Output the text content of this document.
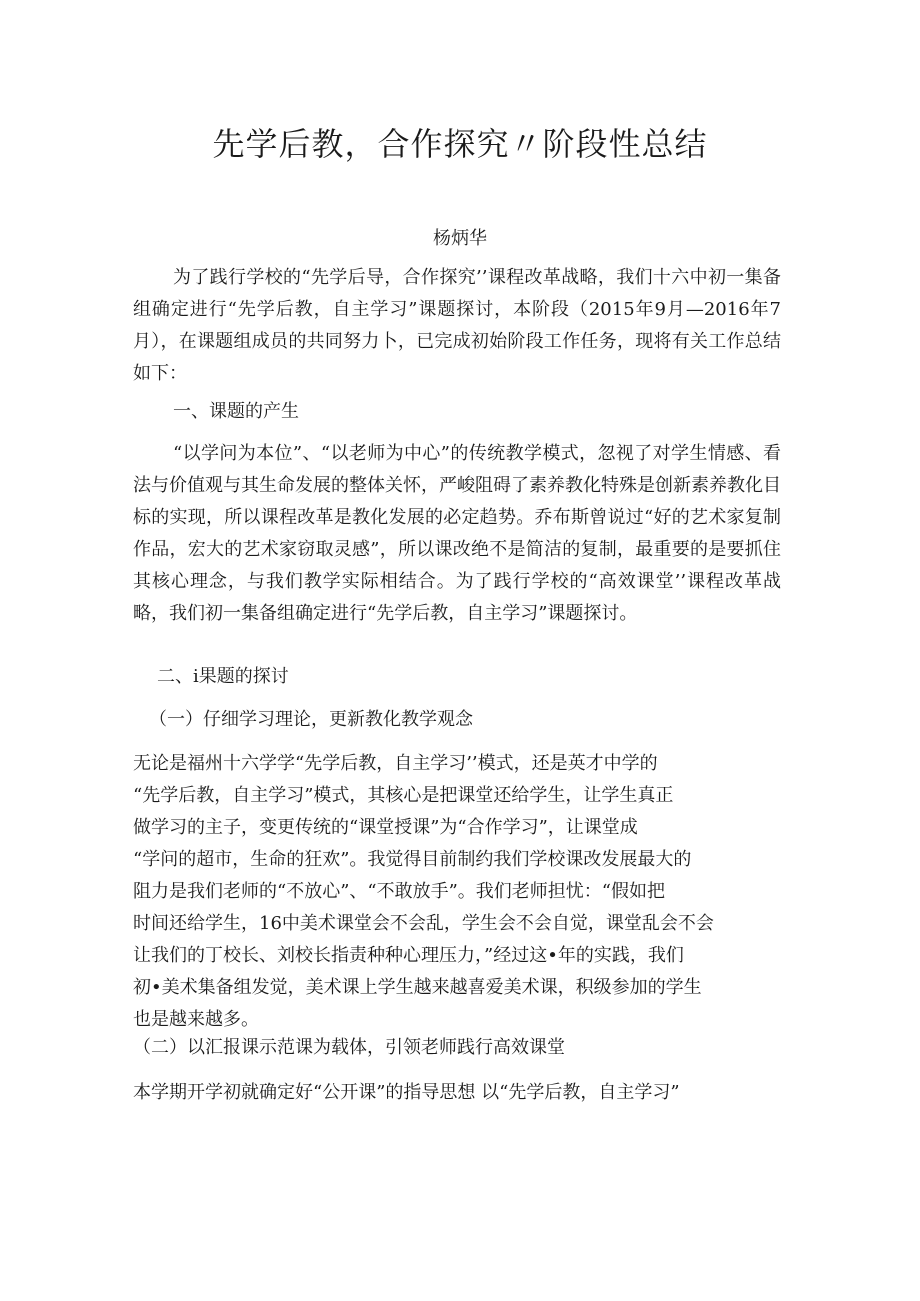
先学后教，合作探究〃阶段性总结
杨炳华

为了践行学校的“先学后导，合作探究’’课程改革战略，我们十六中初一集备组确定进行“先学后教，自主学习”课题探讨，本阶段（2015年9月—2016年7月），在课题组成员的共同努力卜，已完成初始阶段工作任务，现将有关工作总结如下：

一、课题的产生

“以学问为本位”、“以老师为中心”的传统教学模式，忽视了对学生情感、看法与价值观与其生命发展的整体关怀，严峻阻碍了素养教化特殊是创新素养教化目标的实现，所以课程改革是教化发展的必定趋势。乔布斯曾说过“好的艺术家复制作品，宏大的艺术家窃取灵感”，所以课改绝不是简洁的复制，最重要的是要抓住其核心理念，与我们教学实际相结合。为了践行学校的“高效课堂’’课程改革战略，我们初一集备组确定进行“先学后教，自主学习”课题探讨。

二、i果题的探讨

（一）仔细学习理论，更新教化教学观念

无论是福州十六学学“先学后教，自主学习’’模式，还是英才中学的
“先学后教，自主学习”模式，其核心是把课堂还给学生，让学生真正
做学习的主子，变更传统的“课堂授课”为“合作学习”，让课堂成
“学问的超市，生命的狂欢”。我觉得目前制约我们学校课改发展最大的
阻力是我们老师的“不放心”、“不敢放手”。我们老师担忧：“假如把
时间还给学生，16中美术课堂会不会乱，学生会不会自觉，课堂乱会不会
让我们的丁校长、刘校长指责种种心理压力，”经过这•年的实践，我们
初•美术集备组发觉，美术课上学生越来越喜爱美术课，积级参加的学生
也是越来越多。

（二）以汇报课示范课为载体，引领老师践行高效课堂

本学期开学初就确定好“公开课”的指导思想 以“先学后教，自主学习”
